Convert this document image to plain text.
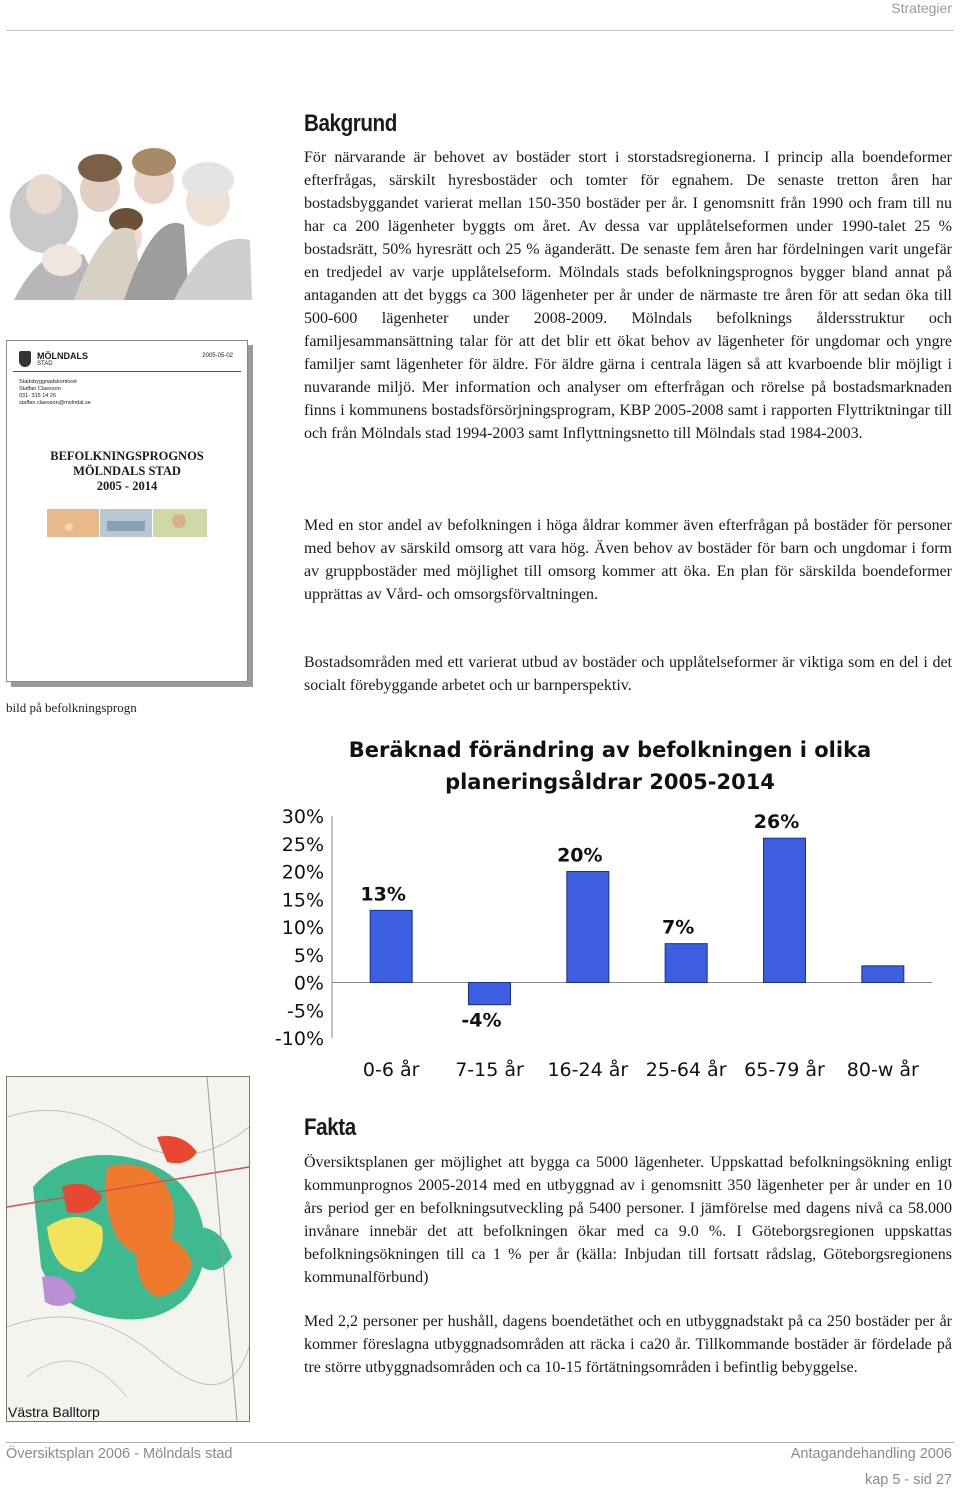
Strategier
MÖLNDALS
STAD
2005-05-02
Stadsbyggnadskontoret
Staffan Claesson
031- 315 14 26
staffan.claesson@molndal.se
BEFOLKNINGSPROGNOS
MÖLNDALS STAD
2005 - 2014
bild på befolkningsprogn
Bakgrund

För närvarande är behovet av bostäder stort i storstadsregionerna. I princip alla boendeformer efterfrågas, särskilt hyresbostäder och tomter för egnahem. De senaste tretton åren har bostadsbyggandet varierat mellan 150-350 bostäder per år. I genomsnitt från 1990 och fram till nu har ca 200 lägenheter byggts om året. Av dessa var upplåtelseformen under 1990-talet 25 % bostadsrätt, 50% hyresrätt och 25 % äganderätt. De senaste fem åren har fördelningen varit ungefär en tredjedel av varje upplåtelseform. Mölndals stads befolkningsprognos bygger bland annat på antaganden att det byggs ca 300 lägenheter per år under de närmaste tre åren för att sedan öka till 500-600 lägenheter under 2008-2009. Mölndals befolknings åldersstruktur och familjesammansättning talar för att det blir ett ökat behov av lägenheter för ungdomar och yngre familjer samt lägenheter för äldre. För äldre gärna i centrala lägen så att kvarboende blir möjligt i nuvarande miljö. Mer information och analyser om efterfrågan och rörelse på bostadsmarknaden finns i kommunens bostadsförsörjningsprogram, KBP 2005-2008 samt i rapporten Flyttriktningar till och från Mölndals stad 1994-2003 samt Inflyttningsnetto till Mölndals stad 1984-2003.

Med en stor andel av befolkningen i höga åldrar kommer även efterfrågan på bostäder för personer med behov av särskild omsorg att vara hög. Även behov av bostäder för barn och ungdomar i form av gruppbostäder med möjlighet till omsorg kommer att öka. En plan för särskilda boendeformer upprättas av Vård- och omsorgsförvaltningen.

Bostadsområden med ett varierat utbud av bostäder och upplåtelseformer är viktiga som en del i det socialt förebyggande arbetet och ur barnperspektiv.

Beräknad förändring av befolkningen i olika
planeringsåldrar 2005-2014
30%
25%
20%
15%
10%
5%
0%
-5%
-10%
13%
0-6 år
-4%
7-15 år
20%
16-24 år
7%
25-64 år
26%
65-79 år 80-w år
Västra Balltorp
Fakta

Översiktsplanen ger möjlighet att bygga ca 5000 lägenheter. Uppskattad befolkningsökning enligt kommunprognos 2005-2014 med en utbyggnad av i genomsnitt 350 lägenheter per år under en 10 års period ger en befolkningsutveckling på 5400 personer. I jämförelse med dagens nivå ca 58.000 invånare innebär det att befolkningen ökar med ca 9.0 %. I Göteborgsregionen uppskattas befolkningsökningen till ca 1 % per år (källa: Inbjudan till fortsatt rådslag, Göteborgsregionens kommunalförbund)

Med 2,2 personer per hushåll, dagens boendetäthet och en utbyggnadstakt på ca 250 bostäder per år kommer föreslagna utbyggnadsområden att räcka i ca20 år. Tillkommande bostäder är fördelade på tre större utbyggnadsområden och ca 10-15 förtätningsområden i befintlig bebyggelse.

Översiktsplan 2006 - Mölndals stad	Antagandehandling 2006
kap 5 - sid 27
